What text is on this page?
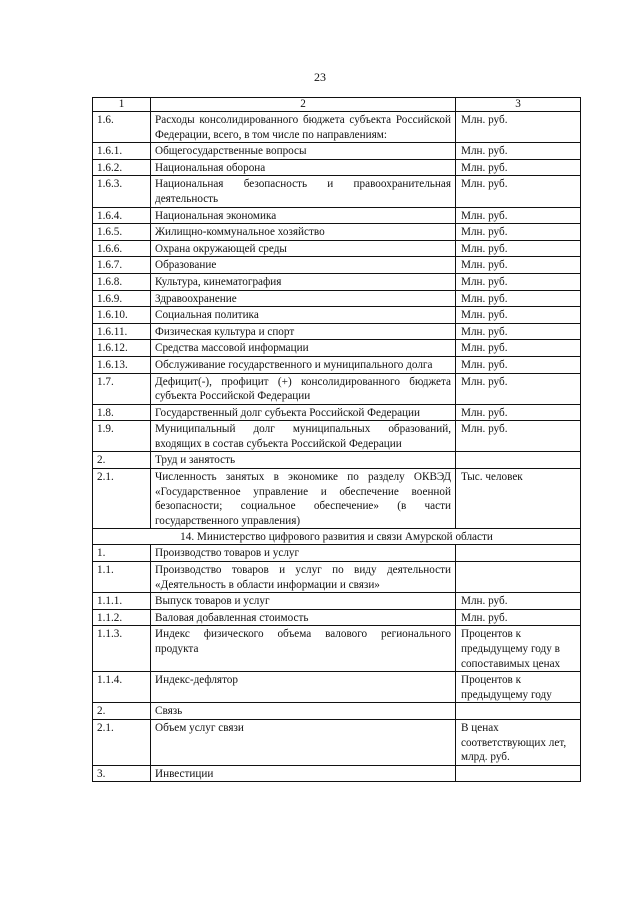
23
1	2	3
1.6.	Расходы консолидированного бюджета субъекта Российской Федерации, всего, в том числе по направлениям:	Млн. руб.
1.6.1.	Общегосударственные вопросы	Млн. руб.
1.6.2.	Национальная оборона	Млн. руб.
1.6.3.	Национальная безопасность и правоохранительная деятельность	Млн. руб.
1.6.4.	Национальная экономика	Млн. руб.
1.6.5.	Жилищно-коммунальное хозяйство	Млн. руб.
1.6.6.	Охрана окружающей среды	Млн. руб.
1.6.7.	Образование	Млн. руб.
1.6.8.	Культура, кинематография	Млн. руб.
1.6.9.	Здравоохранение	Млн. руб.
1.6.10.	Социальная политика	Млн. руб.
1.6.11.	Физическая культура и спорт	Млн. руб.
1.6.12.	Средства массовой информации	Млн. руб.
1.6.13.	Обслуживание государственного и муниципального долга	Млн. руб.
1.7.	Дефицит(-), профицит (+) консолидированного бюджета субъекта Российской Федерации	Млн. руб.
1.8.	Государственный долг субъекта Российской Федерации	Млн. руб.
1.9.	Муниципальный долг муниципальных образований, входящих в состав субъекта Российской Федерации	Млн. руб.
2.	Труд и занятость	
2.1.	Численность занятых в экономике по разделу ОКВЭД «Государственное управление и обеспечение военной безопасности; социальное обеспечение» (в части государственного управления)	Тыс. человек
14. Министерство цифрового развития и связи Амурской области		
1.	Производство товаров и услуг	
1.1.	Производство товаров и услуг по виду деятельности «Деятельность в области информации и связи»	
1.1.1.	Выпуск товаров и услуг	Млн. руб.
1.1.2.	Валовая добавленная стоимость	Млн. руб.
1.1.3.	Индекс физического объема валового регионального продукта	Процентов к предыдущему году в сопоставимых ценах
1.1.4.	Индекс-дефлятор	Процентов к предыдущему году
2.	Связь	
2.1.	Объем услуг связи	В ценах соответствующих лет, млрд. руб.
3.	Инвестиции	
